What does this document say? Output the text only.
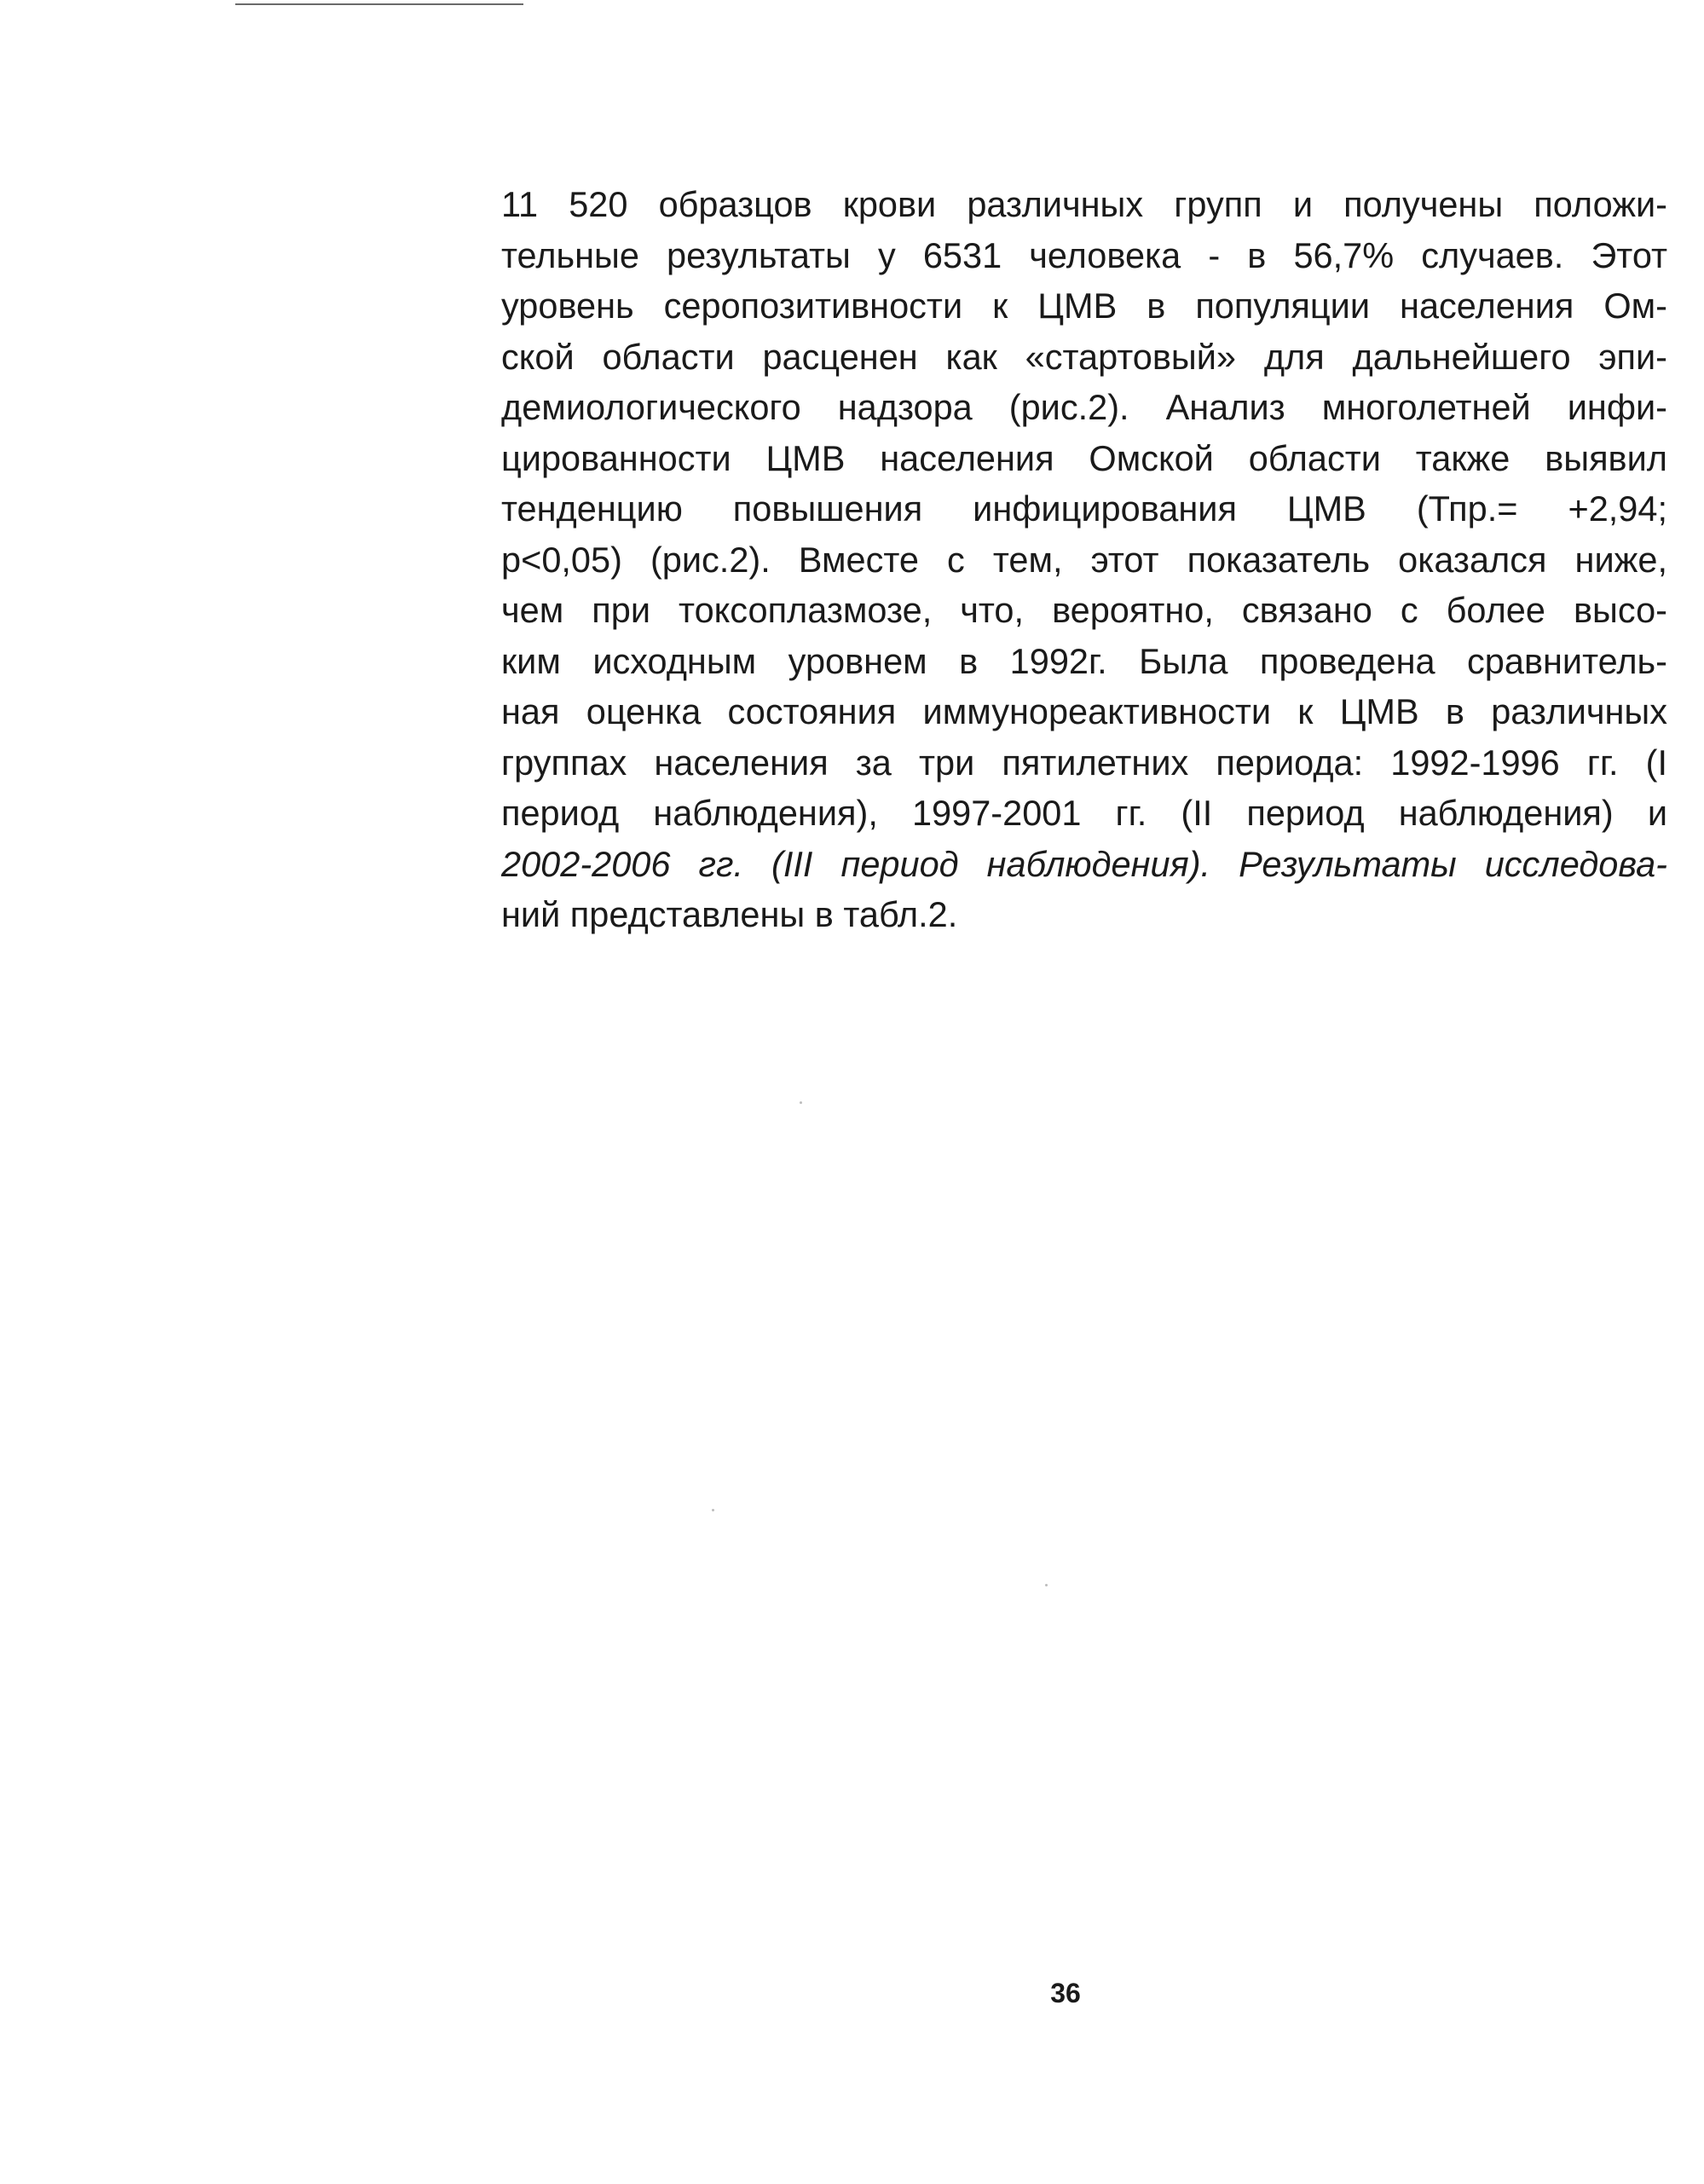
11 520 образцов крови различных групп и получены положи-
тельные результаты у 6531 человека - в 56,7% случаев. Этот
уровень серопозитивности к ЦМВ в популяции населения Ом-
ской области расценен как «стартовый» для дальнейшего эпи-
демиологического надзора (рис.2). Анализ многолетней инфи-
цированности ЦМВ населения Омской области также выявил
тенденцию повышения инфицирования ЦМВ (Тпр.= +2,94;
р<0,05) (рис.2). Вместе с тем, этот показатель оказался ниже,
чем при токсоплазмозе, что, вероятно, связано с более высо-
ким исходным уровнем в 1992г. Была проведена сравнитель-
ная оценка состояния иммунореактивности к ЦМВ в различных
группах населения за три пятилетних периода: 1992-1996 гг. (I
период наблюдения), 1997-2001 гг. (II период наблюдения) и
2002-2006 гг. (III период наблюдения). Результаты исследова-
ний представлены в табл.2.

36
